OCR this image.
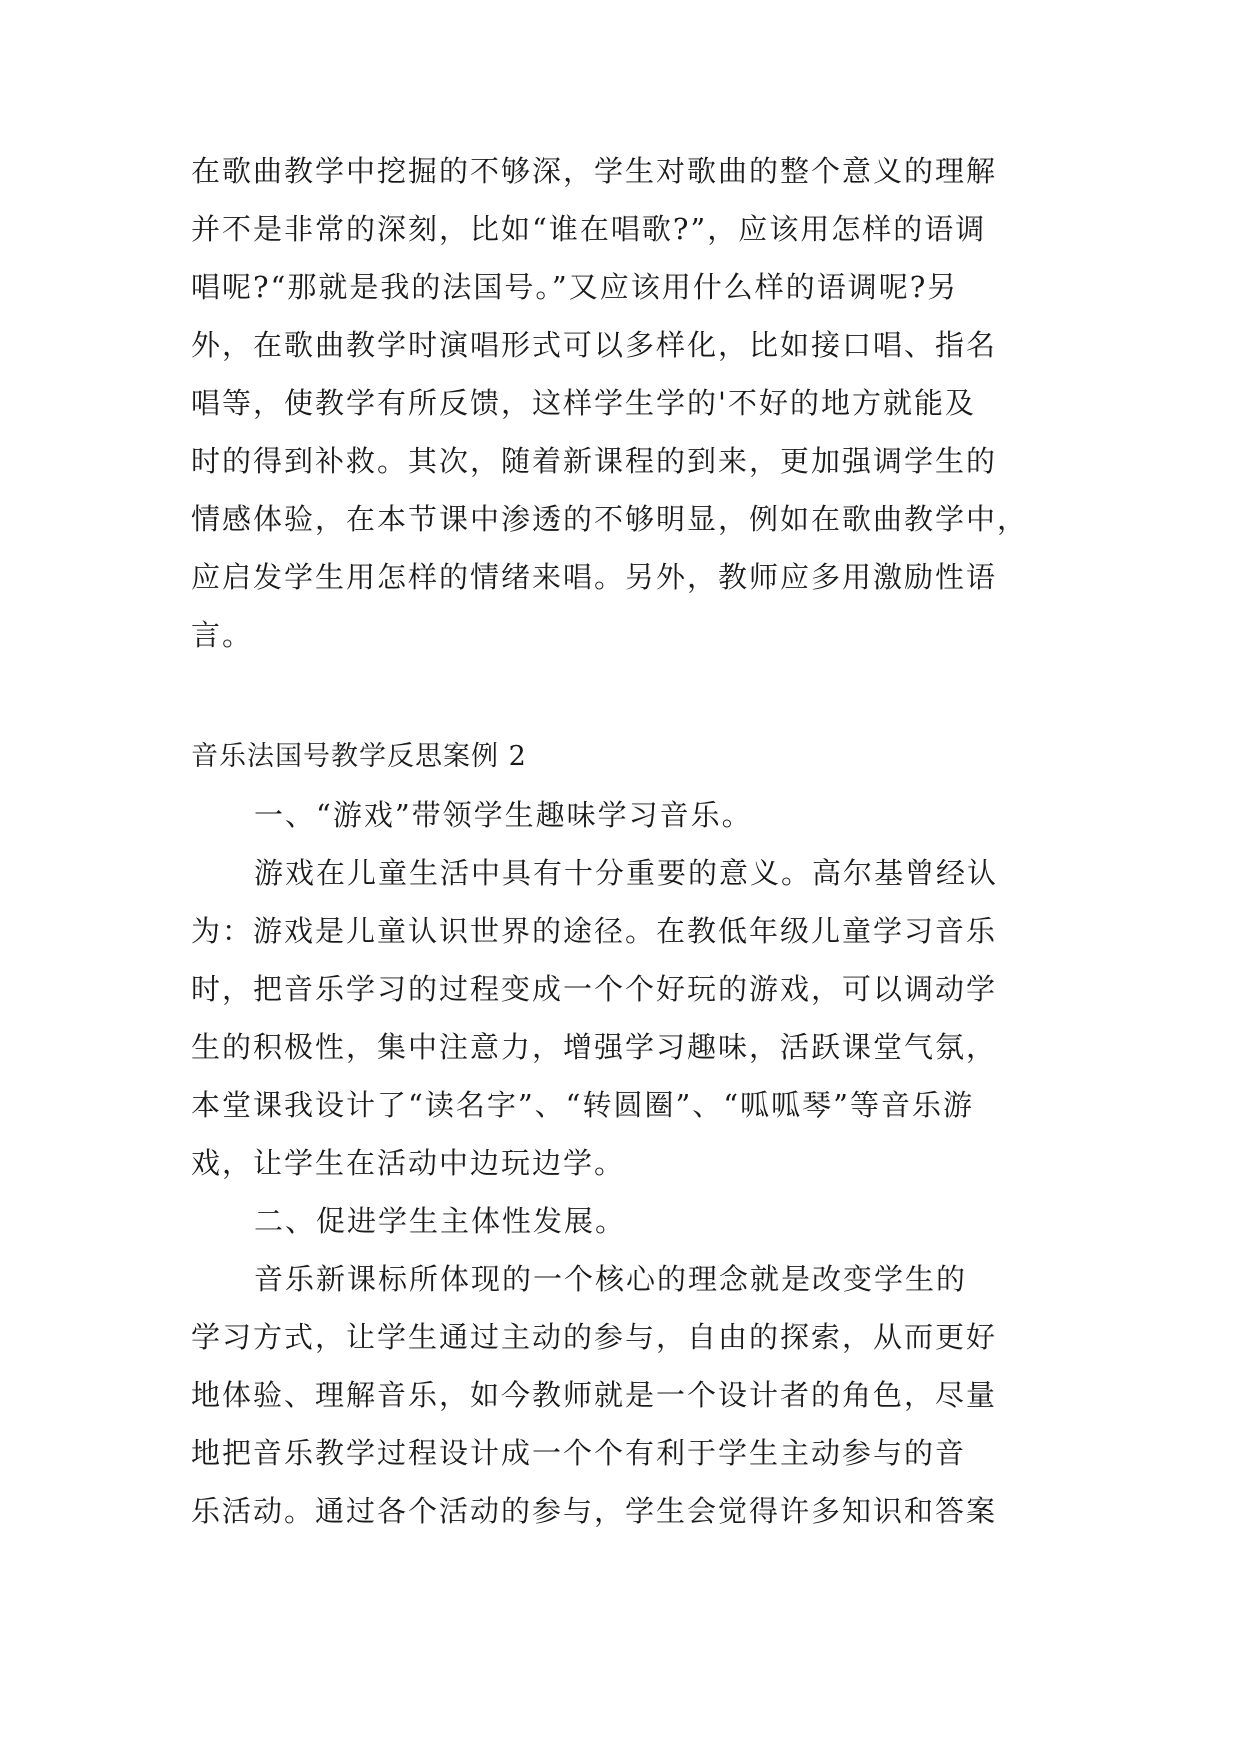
在歌曲教学中挖掘的不够深，学生对歌曲的整个意义的理解
并不是非常的深刻，比如“谁在唱歌?”，应该用怎样的语调
唱呢?“那就是我的法国号。”又应该用什么样的语调呢?另
外，在歌曲教学时演唱形式可以多样化，比如接口唱、指名
唱等，使教学有所反馈，这样学生学的'不好的地方就能及
时的得到补救。其次，随着新课程的到来，更加强调学生的
情感体验，在本节课中渗透的不够明显，例如在歌曲教学中，
应启发学生用怎样的情绪来唱。另外，教师应多用激励性语
言。
音乐法国号教学反思案例 2
一、“游戏”带领学生趣味学习音乐。
游戏在儿童生活中具有十分重要的意义。高尔基曾经认
为：游戏是儿童认识世界的途径。在教低年级儿童学习音乐
时，把音乐学习的过程变成一个个好玩的游戏，可以调动学
生的积极性，集中注意力，增强学习趣味，活跃课堂气氛，
本堂课我设计了“读名字”、“转圆圈”、“呱呱琴”等音乐游
戏，让学生在活动中边玩边学。
二、促进学生主体性发展。
音乐新课标所体现的一个核心的理念就是改变学生的
学习方式，让学生通过主动的参与，自由的探索，从而更好
地体验、理解音乐，如今教师就是一个设计者的角色，尽量
地把音乐教学过程设计成一个个有利于学生主动参与的音
乐活动。通过各个活动的参与，学生会觉得许多知识和答案
